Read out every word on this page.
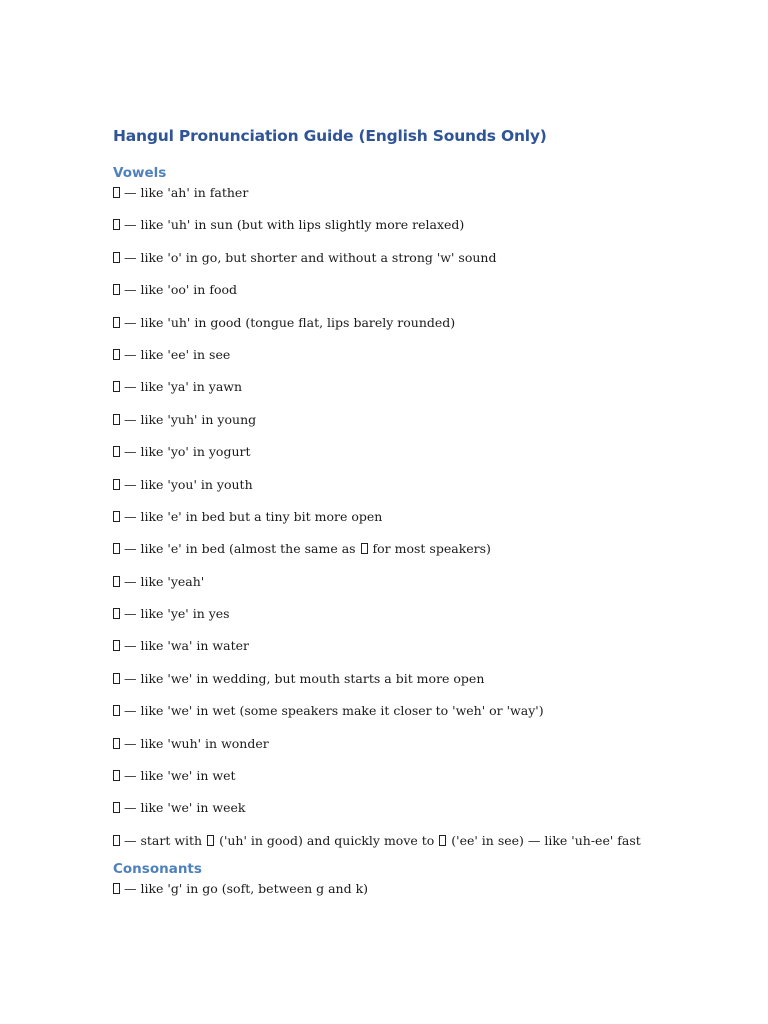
Hangul Pronunciation Guide (English Sounds Only)
Vowels
— like 'ah' in father
— like 'uh' in sun (but with lips slightly more relaxed)
— like 'o' in go, but shorter and without a strong 'w' sound
— like 'oo' in food
— like 'uh' in good (tongue flat, lips barely rounded)
— like 'ee' in see
— like 'ya' in yawn
— like 'yuh' in young
— like 'yo' in yogurt
— like 'you' in youth
— like 'e' in bed but a tiny bit more open
— like 'e' in bed (almost the same as for most speakers)
— like 'yeah'
— like 'ye' in yes
— like 'wa' in water
— like 'we' in wedding, but mouth starts a bit more open
— like 'we' in wet (some speakers make it closer to 'weh' or 'way')
— like 'wuh' in wonder
— like 'we' in wet
— like 'we' in week
— start with ('uh' in good) and quickly move to ('ee' in see) — like 'uh-ee' fast
Consonants
— like 'g' in go (soft, between g and k)
